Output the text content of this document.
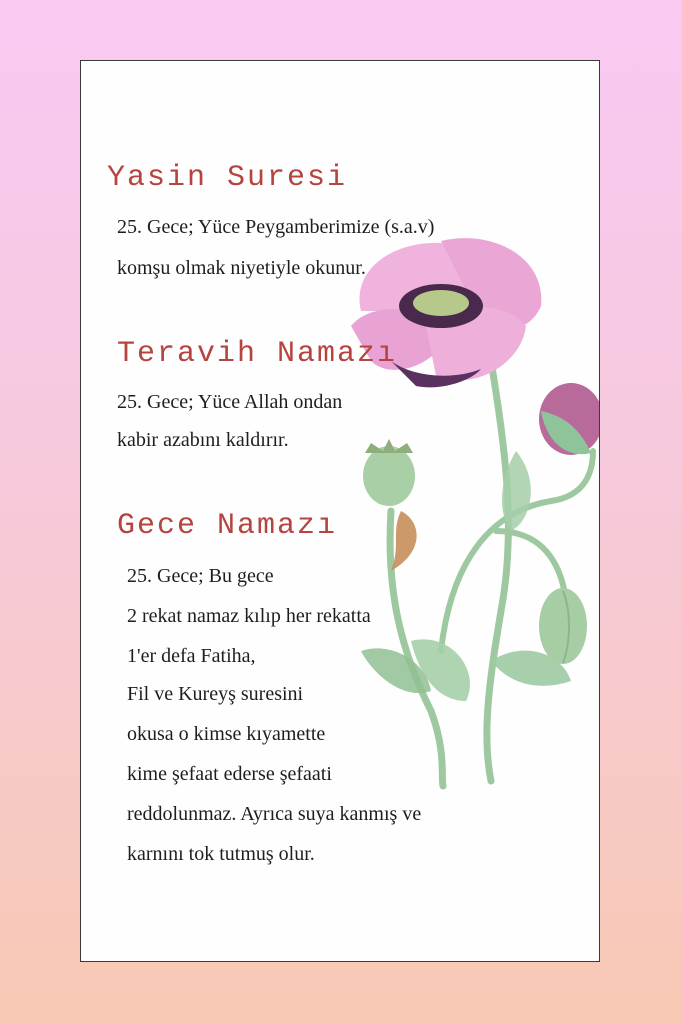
Yasin Suresi

25. Gece; Yüce Peygamberimize (s.a.v)

komşu olmak niyetiyle okunur.

Teravih Namazı

25. Gece; Yüce Allah ondan

kabir azabını kaldırır.

Gece Namazı

25. Gece; Bu gece

2 rekat namaz kılıp her rekatta

1'er defa Fatiha,

Fil ve Kureyş suresini

okusa o kimse kıyamette

kime şefaat ederse şefaati

reddolunmaz. Ayrıca suya kanmış ve

karnını tok tutmuş olur.
